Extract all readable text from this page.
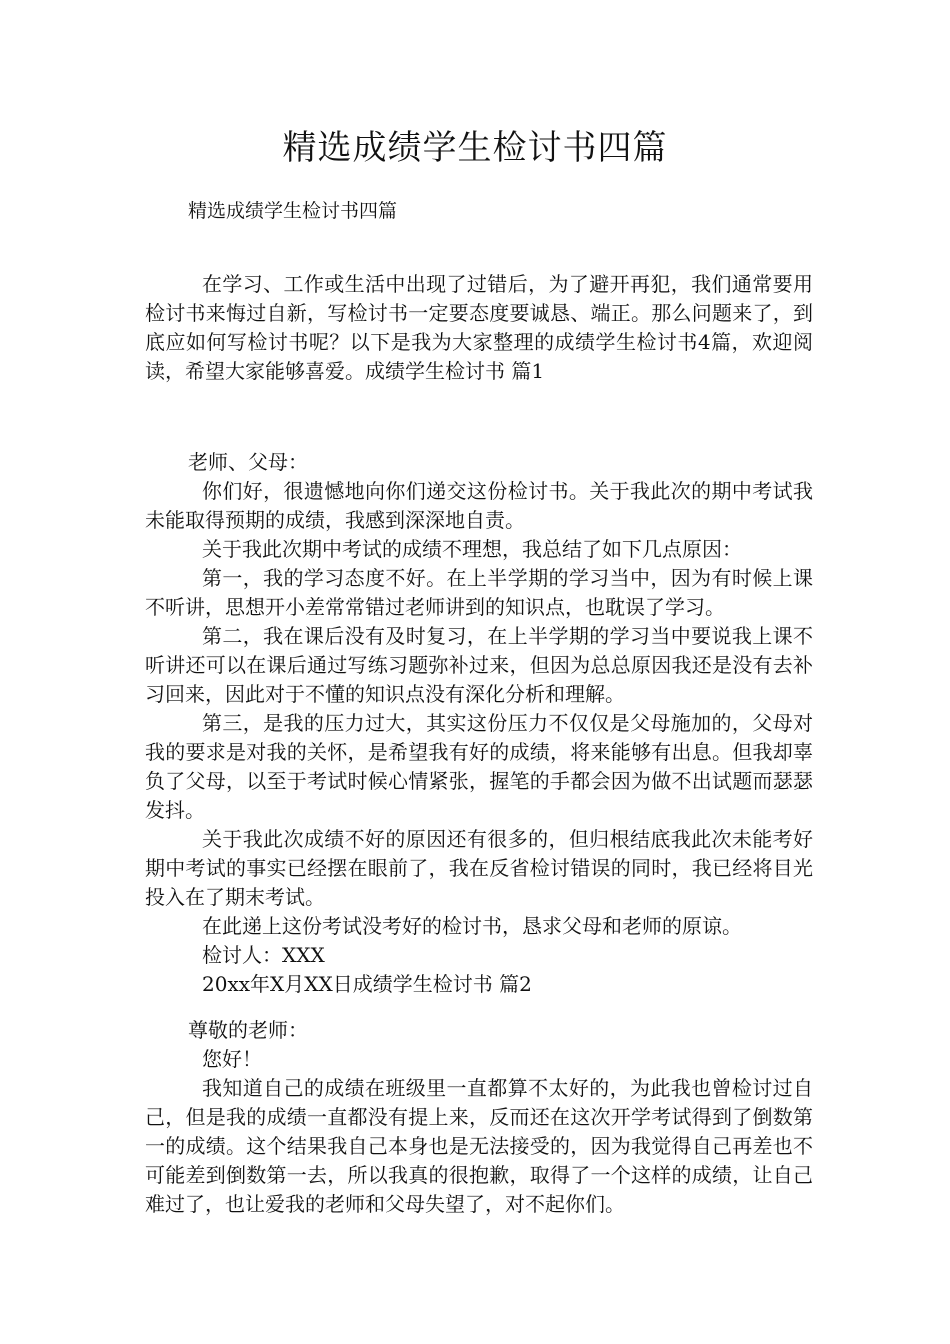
精选成绩学生检讨书四篇
精选成绩学生检讨书四篇

在学习、工作或生活中出现了过错后，为了避开再犯，我们通常要用检讨书来悔过自新，写检讨书一定要态度要诚恳、端正。那么问题来了，到底应如何写检讨书呢？以下是我为大家整理的成绩学生检讨书4篇，欢迎阅读，希望大家能够喜爱。成绩学生检讨书 篇1

老师、父母：

你们好，很遗憾地向你们递交这份检讨书。关于我此次的期中考试我未能取得预期的成绩，我感到深深地自责。

关于我此次期中考试的成绩不理想，我总结了如下几点原因：

第一，我的学习态度不好。在上半学期的学习当中，因为有时候上课不听讲，思想开小差常常错过老师讲到的知识点，也耽误了学习。

第二，我在课后没有及时复习，在上半学期的学习当中要说我上课不听讲还可以在课后通过写练习题弥补过来，但因为总总原因我还是没有去补习回来，因此对于不懂的知识点没有深化分析和理解。

第三，是我的压力过大，其实这份压力不仅仅是父母施加的，父母对我的要求是对我的关怀，是希望我有好的成绩，将来能够有出息。但我却辜负了父母，以至于考试时候心情紧张，握笔的手都会因为做不出试题而瑟瑟发抖。

关于我此次成绩不好的原因还有很多的，但归根结底我此次未能考好期中考试的事实已经摆在眼前了，我在反省检讨错误的同时，我已经将目光投入在了期末考试。

在此递上这份考试没考好的检讨书，恳求父母和老师的原谅。

检讨人：XXX

20xx年X月XX日成绩学生检讨书 篇2

尊敬的老师：

您好！

我知道自己的成绩在班级里一直都算不太好的，为此我也曾检讨过自己，但是我的成绩一直都没有提上来，反而还在这次开学考试得到了倒数第一的成绩。这个结果我自己本身也是无法接受的，因为我觉得自己再差也不可能差到倒数第一去，所以我真的很抱歉，取得了一个这样的成绩，让自己难过了，也让爱我的老师和父母失望了，对不起你们。
